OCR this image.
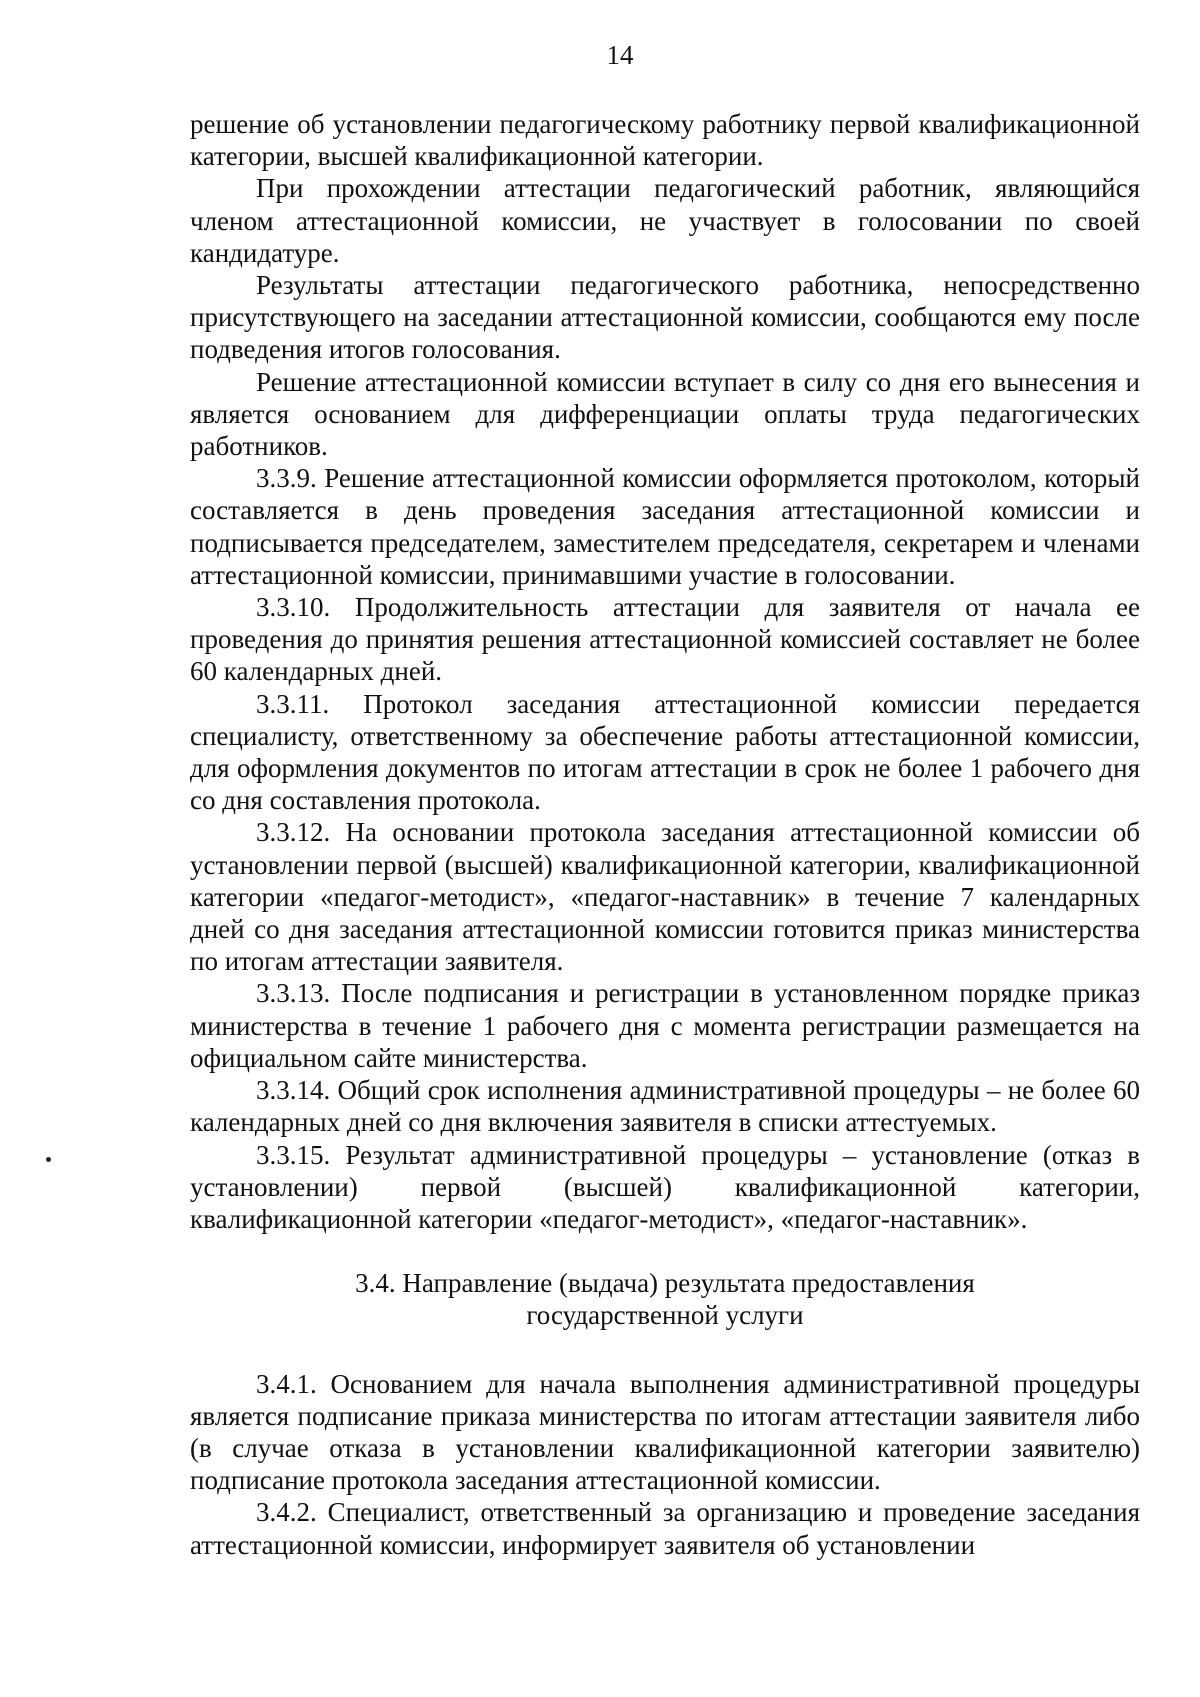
14

решение об установлении педагогическому работнику первой квалификационной категории, высшей квалификационной категории.

При прохождении аттестации педагогический работник, являющийся членом аттестационной комиссии, не участвует в голосовании по своей кандидатуре.

Результаты аттестации педагогического работника, непосредственно присутствующего на заседании аттестационной комиссии, сообщаются ему после подведения итогов голосования.

Решение аттестационной комиссии вступает в силу со дня его вынесения и является основанием для дифференциации оплаты труда педагогических работников.

3.3.9. Решение аттестационной комиссии оформляется протоколом, который составляется в день проведения заседания аттестационной комиссии и подписывается председателем, заместителем председателя, секретарем и членами аттестационной комиссии, принимавшими участие в голосовании.

3.3.10. Продолжительность аттестации для заявителя от начала ее проведения до принятия решения аттестационной комиссией составляет не более 60 календарных дней.

3.3.11. Протокол заседания аттестационной комиссии передается специалисту, ответственному за обеспечение работы аттестационной комиссии, для оформления документов по итогам аттестации в срок не более 1 рабочего дня со дня составления протокола.

3.3.12. На основании протокола заседания аттестационной комиссии об установлении первой (высшей) квалификационной категории, квалификационной категории «педагог-методист», «педагог-наставник» в течение 7 календарных дней со дня заседания аттестационной комиссии готовится приказ министерства по итогам аттестации заявителя.

3.3.13. После подписания и регистрации в установленном порядке приказ министерства в течение 1 рабочего дня с момента регистрации размещается на официальном сайте министерства.

3.3.14. Общий срок исполнения административной процедуры – не более 60 календарных дней со дня включения заявителя в списки аттестуемых.

3.3.15. Результат административной процедуры – установление (отказ в установлении) первой (высшей) квалификационной категории, квалификационной категории «педагог-методист», «педагог-наставник».

3.4. Направление (выдача) результата предоставления
государственной услуги

3.4.1. Основанием для начала выполнения административной процедуры является подписание приказа министерства по итогам аттестации заявителя либо (в случае отказа в установлении квалификационной категории заявителю) подписание протокола заседания аттестационной комиссии.

3.4.2. Специалист, ответственный за организацию и проведение заседания аттестационной комиссии, информирует заявителя об установлении
